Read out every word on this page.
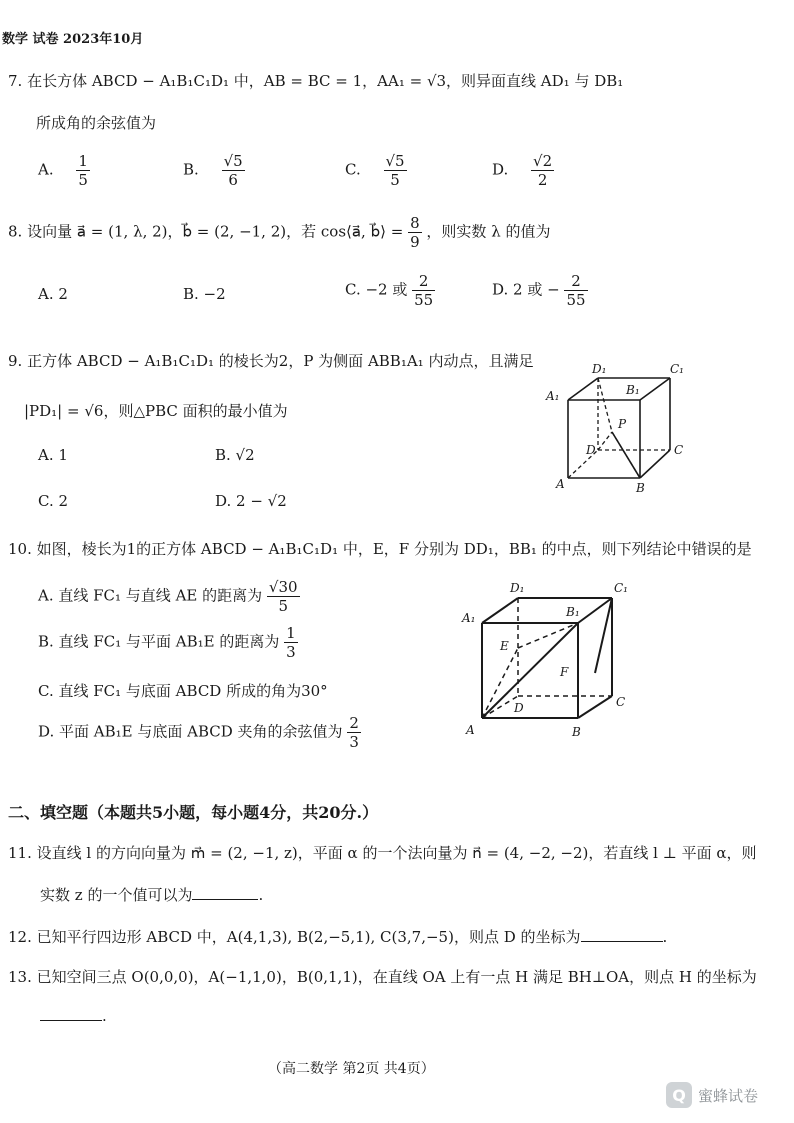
数学 试卷 2023年10月
7. 在长方体 ABCD − A₁B₁C₁D₁ 中，AB = BC = 1，AA₁ = √3，则异面直线 AD₁ 与 DB₁
所成角的余弦值为
A. $\frac{1}{5}$	B. $\frac{√5}{6}$	C. $\frac{√5}{5}$	D. $\frac{√2}{2}$
8. 设向量 a⃗ = (1, λ, 2)，b⃗ = (2, −1, 2)，若 cos⟨a⃗, b⃗⟩ = $\frac{8}{9}$ ，则实数 λ 的值为
A. 2	B. −2	C. −2 或 $\frac{2}{55}$	D. 2 或 − $\frac{2}{55}$
9. 正方体 ABCD − A₁B₁C₁D₁ 的棱长为2，P 为侧面 ABB₁A₁ 内动点，且满足
|PD₁| = √6，则△PBC 面积的最小值为
A. 1	B. √2
C. 2	D. 2 − √2
D₁	C₁
B₁
A₁
P
D	C
A	B
10. 如图，棱长为1的正方体 ABCD − A₁B₁C₁D₁ 中，E，F 分别为 DD₁，BB₁ 的中点，则下列结论中错误的是
A. 直线 FC₁ 与直线 AE 的距离为 $\frac{√30}{5}$
B. 直线 FC₁ 与平面 AB₁E 的距离为 $\frac{1}{3}$
C. 直线 FC₁ 与底面 ABCD 所成的角为30°
D. 平面 AB₁E 与底面 ABCD 夹角的余弦值为 $\frac{2}{3}$
D₁	C₁
A₁	B₁
E
F
D	C
A	B
二、填空题（本题共5小题，每小题4分，共20分.）
11. 设直线 l 的方向向量为 m⃗ = (2, −1, z)，平面 α 的一个法向量为 n⃗ = (4, −2, −2)，若直线 l ⊥ 平面 α，则
实数 z 的一个值可以为	.
12. 已知平行四边形 ABCD 中，A(4,1,3), B(2,−5,1), C(3,7,−5)，则点 D 的坐标为	.
13. 已知空间三点 O(0,0,0)，A(−1,1,0)，B(0,1,1)，在直线 OA 上有一点 H 满足 BH⊥OA，则点 H 的坐标为
.
（高二数学 第2页 共4页）
Q 蜜蜂试卷
